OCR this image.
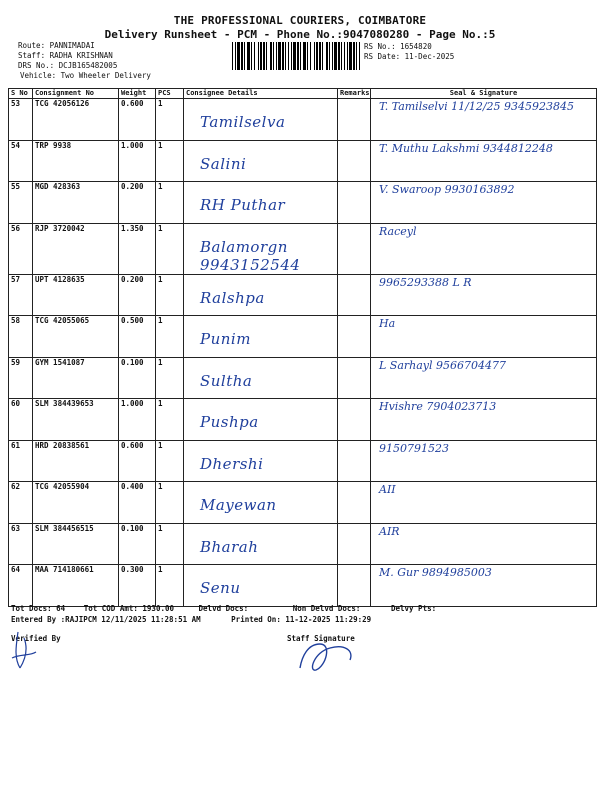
THE PROFESSIONAL COURIERS, COIMBATORE
Delivery Runsheet - PCM - Phone No.:9047080280 - Page No.:5
Route: PANNIMADAI
Staff: RADHA KRISHNAN
DRS No.: DCJB165482005
Vehicle: Two Wheeler Delivery
RS No.: 1654820
RS Date: 11-Dec-2025
S No	Consignment No	Weight	PCS	Consignee Details	Remarks	Seal & Signature
53	TCG 42056126	0.600	1	Tamilselva		T. Tamilselvi 11/12/25 9345923845

54	TRP 9938	1.000	1	Salini		T. Muthu Lakshmi 9344812248

55	MGD 428363	0.200	1	RH Puthar		V. Swaroop 9930163892

56	RJP 3720042	1.350	1	Balamorgn 9943152544		Raceyl

57	UPT 4128635	0.200	1	Ralshpa		9965293388 L R

58	TCG 42055065	0.500	1	Punim		Ha

59	GYM 1541087	0.100	1	Sultha		L Sarhayl 9566704477

60	SLM 384439653	1.000	1	Pushpa		Hvishre 7904023713

61	HRD 20838561	0.600	1	Dhershi		9150791523

62	TCG 42055904	0.400	1	Mayewan		AII

63	SLM 384456515	0.100	1	Bharah		AIR

64	MAA 714180661	0.300	1	Senu		M. Gur 9894985003
Tot Docs: 64 Tot COD Amt: 1930.00	Delvd Docs:	Non Delvd Docs:	Delvy Pts:
Entered By :RAJIPCM 12/11/2025 11:28:51 AM	Printed On: 11-12-2025 11:29:29
Verified By	Staff Signature
